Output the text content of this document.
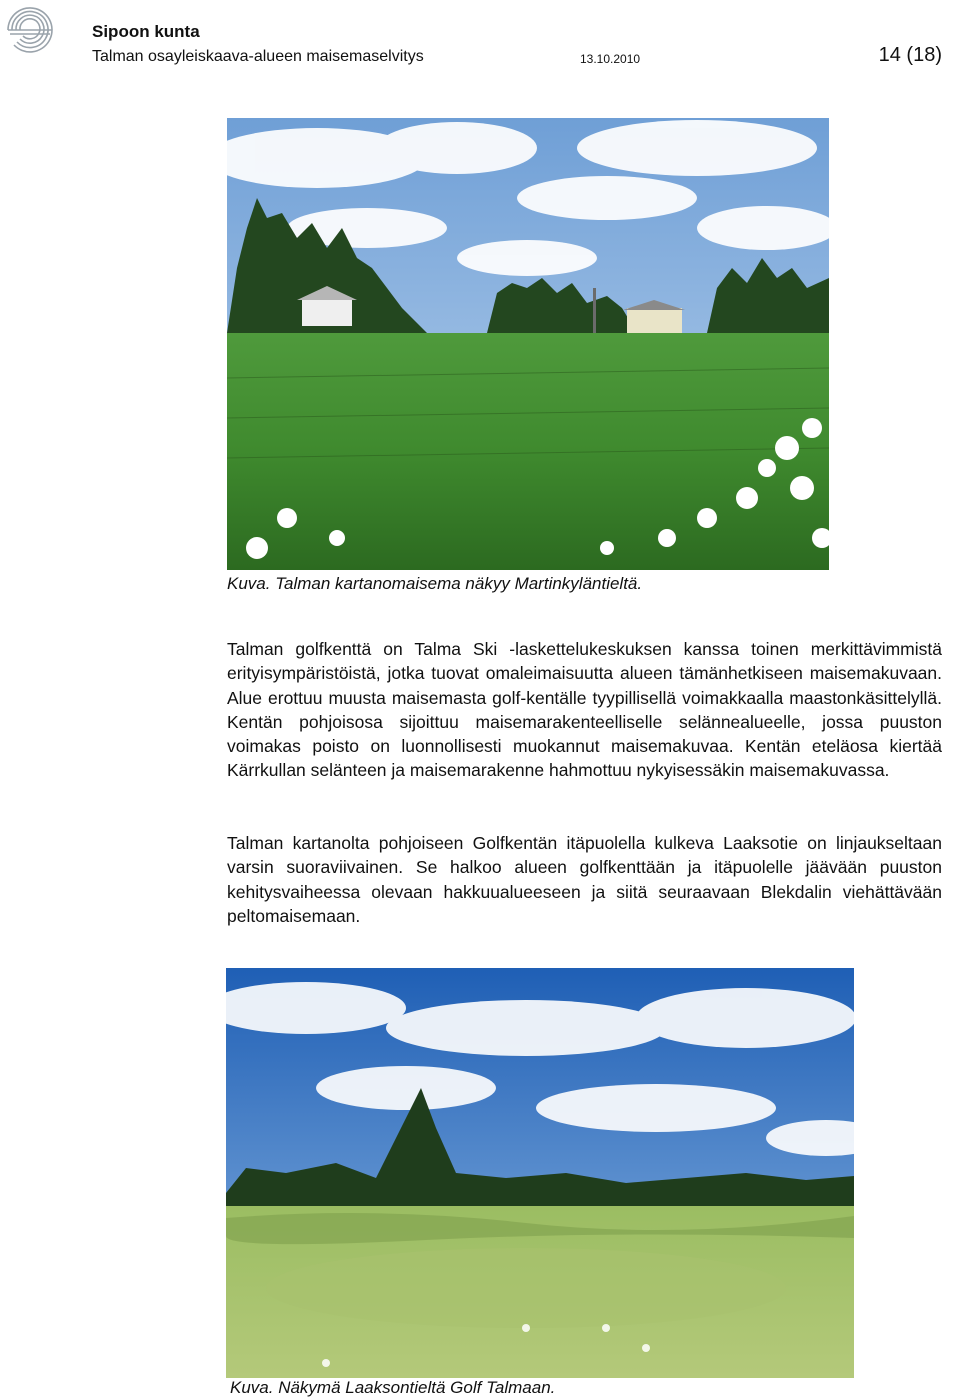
Sipoon kunta
Talman osayleiskaava-alueen maisemaselvitys	13.10.2010	14 (18)
Kuva. Talman kartanomaisema näkyy Martinkyläntieltä.

Talman golfkenttä on Talma Ski -laskettelukeskuksen kanssa toinen merkittävimmistä erityisympäristöistä, jotka tuovat omaleimaisuutta alueen tämänhetkiseen maisemakuvaan. Alue erottuu muusta maisemasta golf-kentälle tyypillisellä voimakkaalla maastonkäsittelyllä. Kentän pohjoisosa sijoittuu maisemarakenteelliselle selännealueelle, jossa puuston voimakas poisto on luonnollisesti muokannut maisemakuvaa. Kentän eteläosa kiertää Kärrkullan selänteen ja maisemarakenne hahmottuu nykyisessäkin maisemakuvassa.

Talman kartanolta pohjoiseen Golfkentän itäpuolella kulkeva Laaksotie on linjaukseltaan varsin suoraviivainen. Se halkoo alueen golfkenttään ja itäpuolelle jäävään puuston kehitysvaiheessa olevaan hakkuualueeseen ja siitä seuraavaan Blekdalin viehättävään peltomaisemaan.

Kuva. Näkymä Laaksontieltä Golf Talmaan.
